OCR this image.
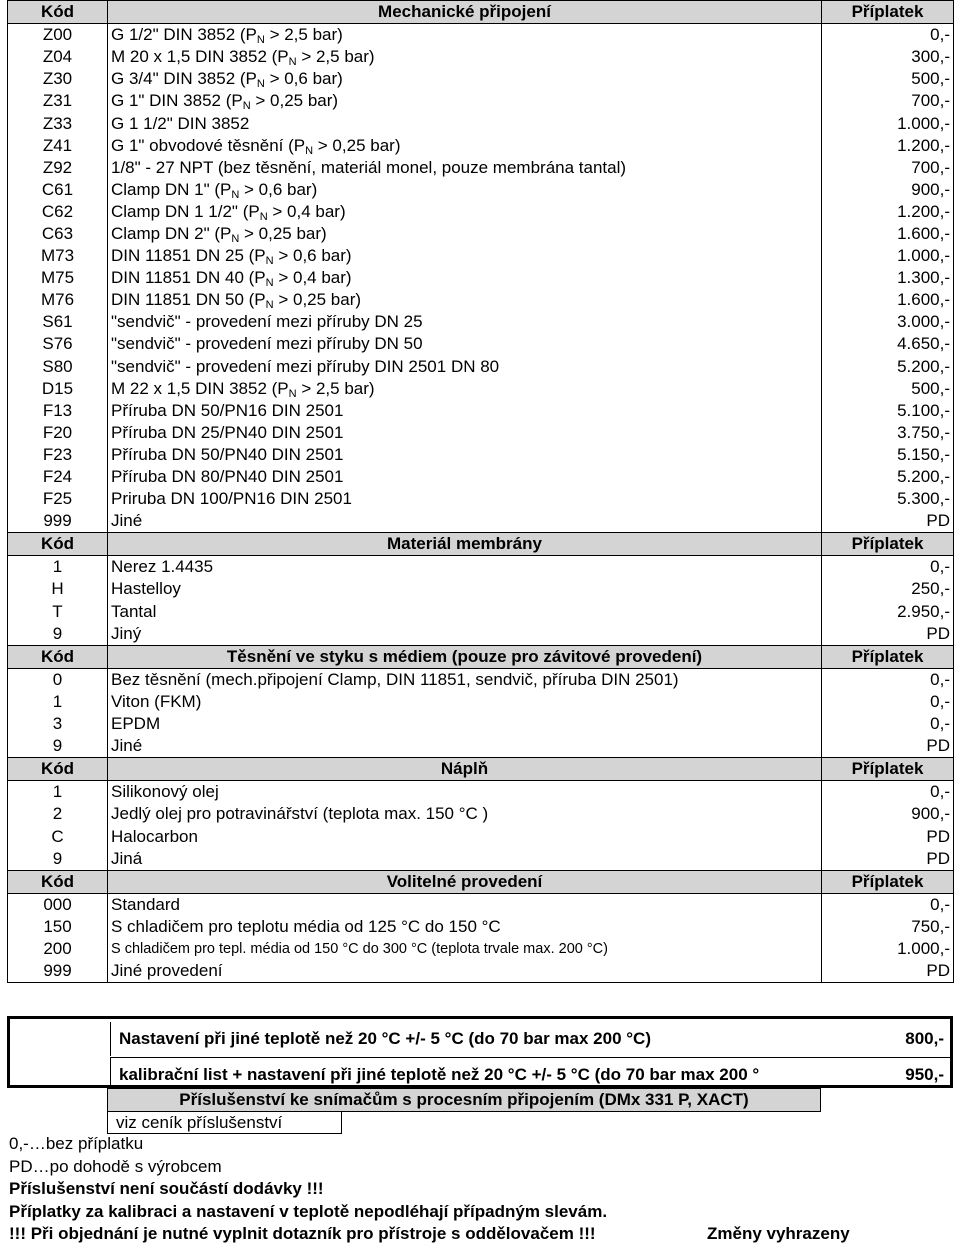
Kód	Mechanické připojení	Příplatek
Z00	G 1/2" DIN 3852 ($P_N > 2,5$ bar)	0,-
Z04	M 20 x 1,5 DIN 3852 ($P_N > 2,5$ bar)	300,-
Z30	G 3/4" DIN 3852 ($P_N > 0,6$ bar)	500,-
Z31	G 1" DIN 3852 ($P_N > 0,25$ bar)	700,-
Z33	G 1 1/2" DIN 3852	1.000,-
Z41	G 1" obvodové těsnění ($P_N > 0,25$ bar)	1.200,-
Z92	1/8" - 27 NPT (bez těsnění, materiál monel, pouze membrána tantal)	700,-
C61	Clamp DN 1" ($P_N > 0,6$ bar)	900,-
C62	Clamp DN 1 1/2" ($P_N > 0,4$ bar)	1.200,-
C63	Clamp DN 2" ($P_N > 0,25$ bar)	1.600,-
M73	DIN 11851 DN 25 ($P_N > 0,6$ bar)	1.000,-
M75	DIN 11851 DN 40 ($P_N > 0,4$ bar)	1.300,-
M76	DIN 11851 DN 50 ($P_N > 0,25$ bar)	1.600,-
S61	"sendvič" - provedení mezi příruby DN 25	3.000,-
S76	"sendvič" - provedení mezi příruby DN 50	4.650,-
S80	"sendvič" - provedení mezi příruby DIN 2501 DN 80	5.200,-
D15	M 22 x 1,5 DIN 3852 ($P_N > 2,5$ bar)	500,-
F13	Příruba DN 50/PN16 DIN 2501	5.100,-
F20	Příruba DN 25/PN40 DIN 2501	3.750,-
F23	Příruba DN 50/PN40 DIN 2501	5.150,-
F24	Příruba DN 80/PN40 DIN 2501	5.200,-
F25	Priruba DN 100/PN16 DIN 2501	5.300,-
999	Jiné	PD
Kód	Materiál membrány	Příplatek
1	Nerez 1.4435	0,-
H	Hastelloy	250,-
T	Tantal	2.950,-
9	Jiný	PD
Kód	Těsnění ve styku s médiem (pouze pro závitové provedení)	Příplatek
0	Bez těsnění (mech.připojení Clamp, DIN 11851, sendvič, příruba DIN 2501)	0,-
1	Viton (FKM)	0,-
3	EPDM	0,-
9	Jiné	PD
Kód	Náplň	Příplatek
1	Silikonový olej	0,-
2	Jedlý olej pro potravinářství (teplota max. 150 °C )	900,-
C	Halocarbon	PD
9	Jiná	PD
Kód	Volitelné provedení	Příplatek
000	Standard	0,-
150	S chladičem pro teplotu média od 125 °C do 150 °C	750,-
200	S chladičem pro tepl. média od 150 °C do 300 °C (teplota trvale max. 200 °C)	1.000,-
999	Jiné provedení	PD
Nastavení při jiné teplotě než 20 °C +/- 5 °C (do 70 bar max 200 °C)	800,-
kalibrační list + nastavení při jiné teplotě než 20 °C +/- 5 °C (do 70 bar max 200 °	950,-
Příslušenství ke snímačům s procesním připojením (DMx 331 P, XACT)
viz ceník příslušenství
0,-…bez příplatku
PD…po dohodě s výrobcem
Příslušenství není součástí dodávky !!!
Příplatky za kalibraci a nastavení v teplotě nepodléhají případným slevám.
!!! Při objednání je nutné vyplnit dotazník pro přístroje s oddělovačem !!!	Změny vyhrazeny
